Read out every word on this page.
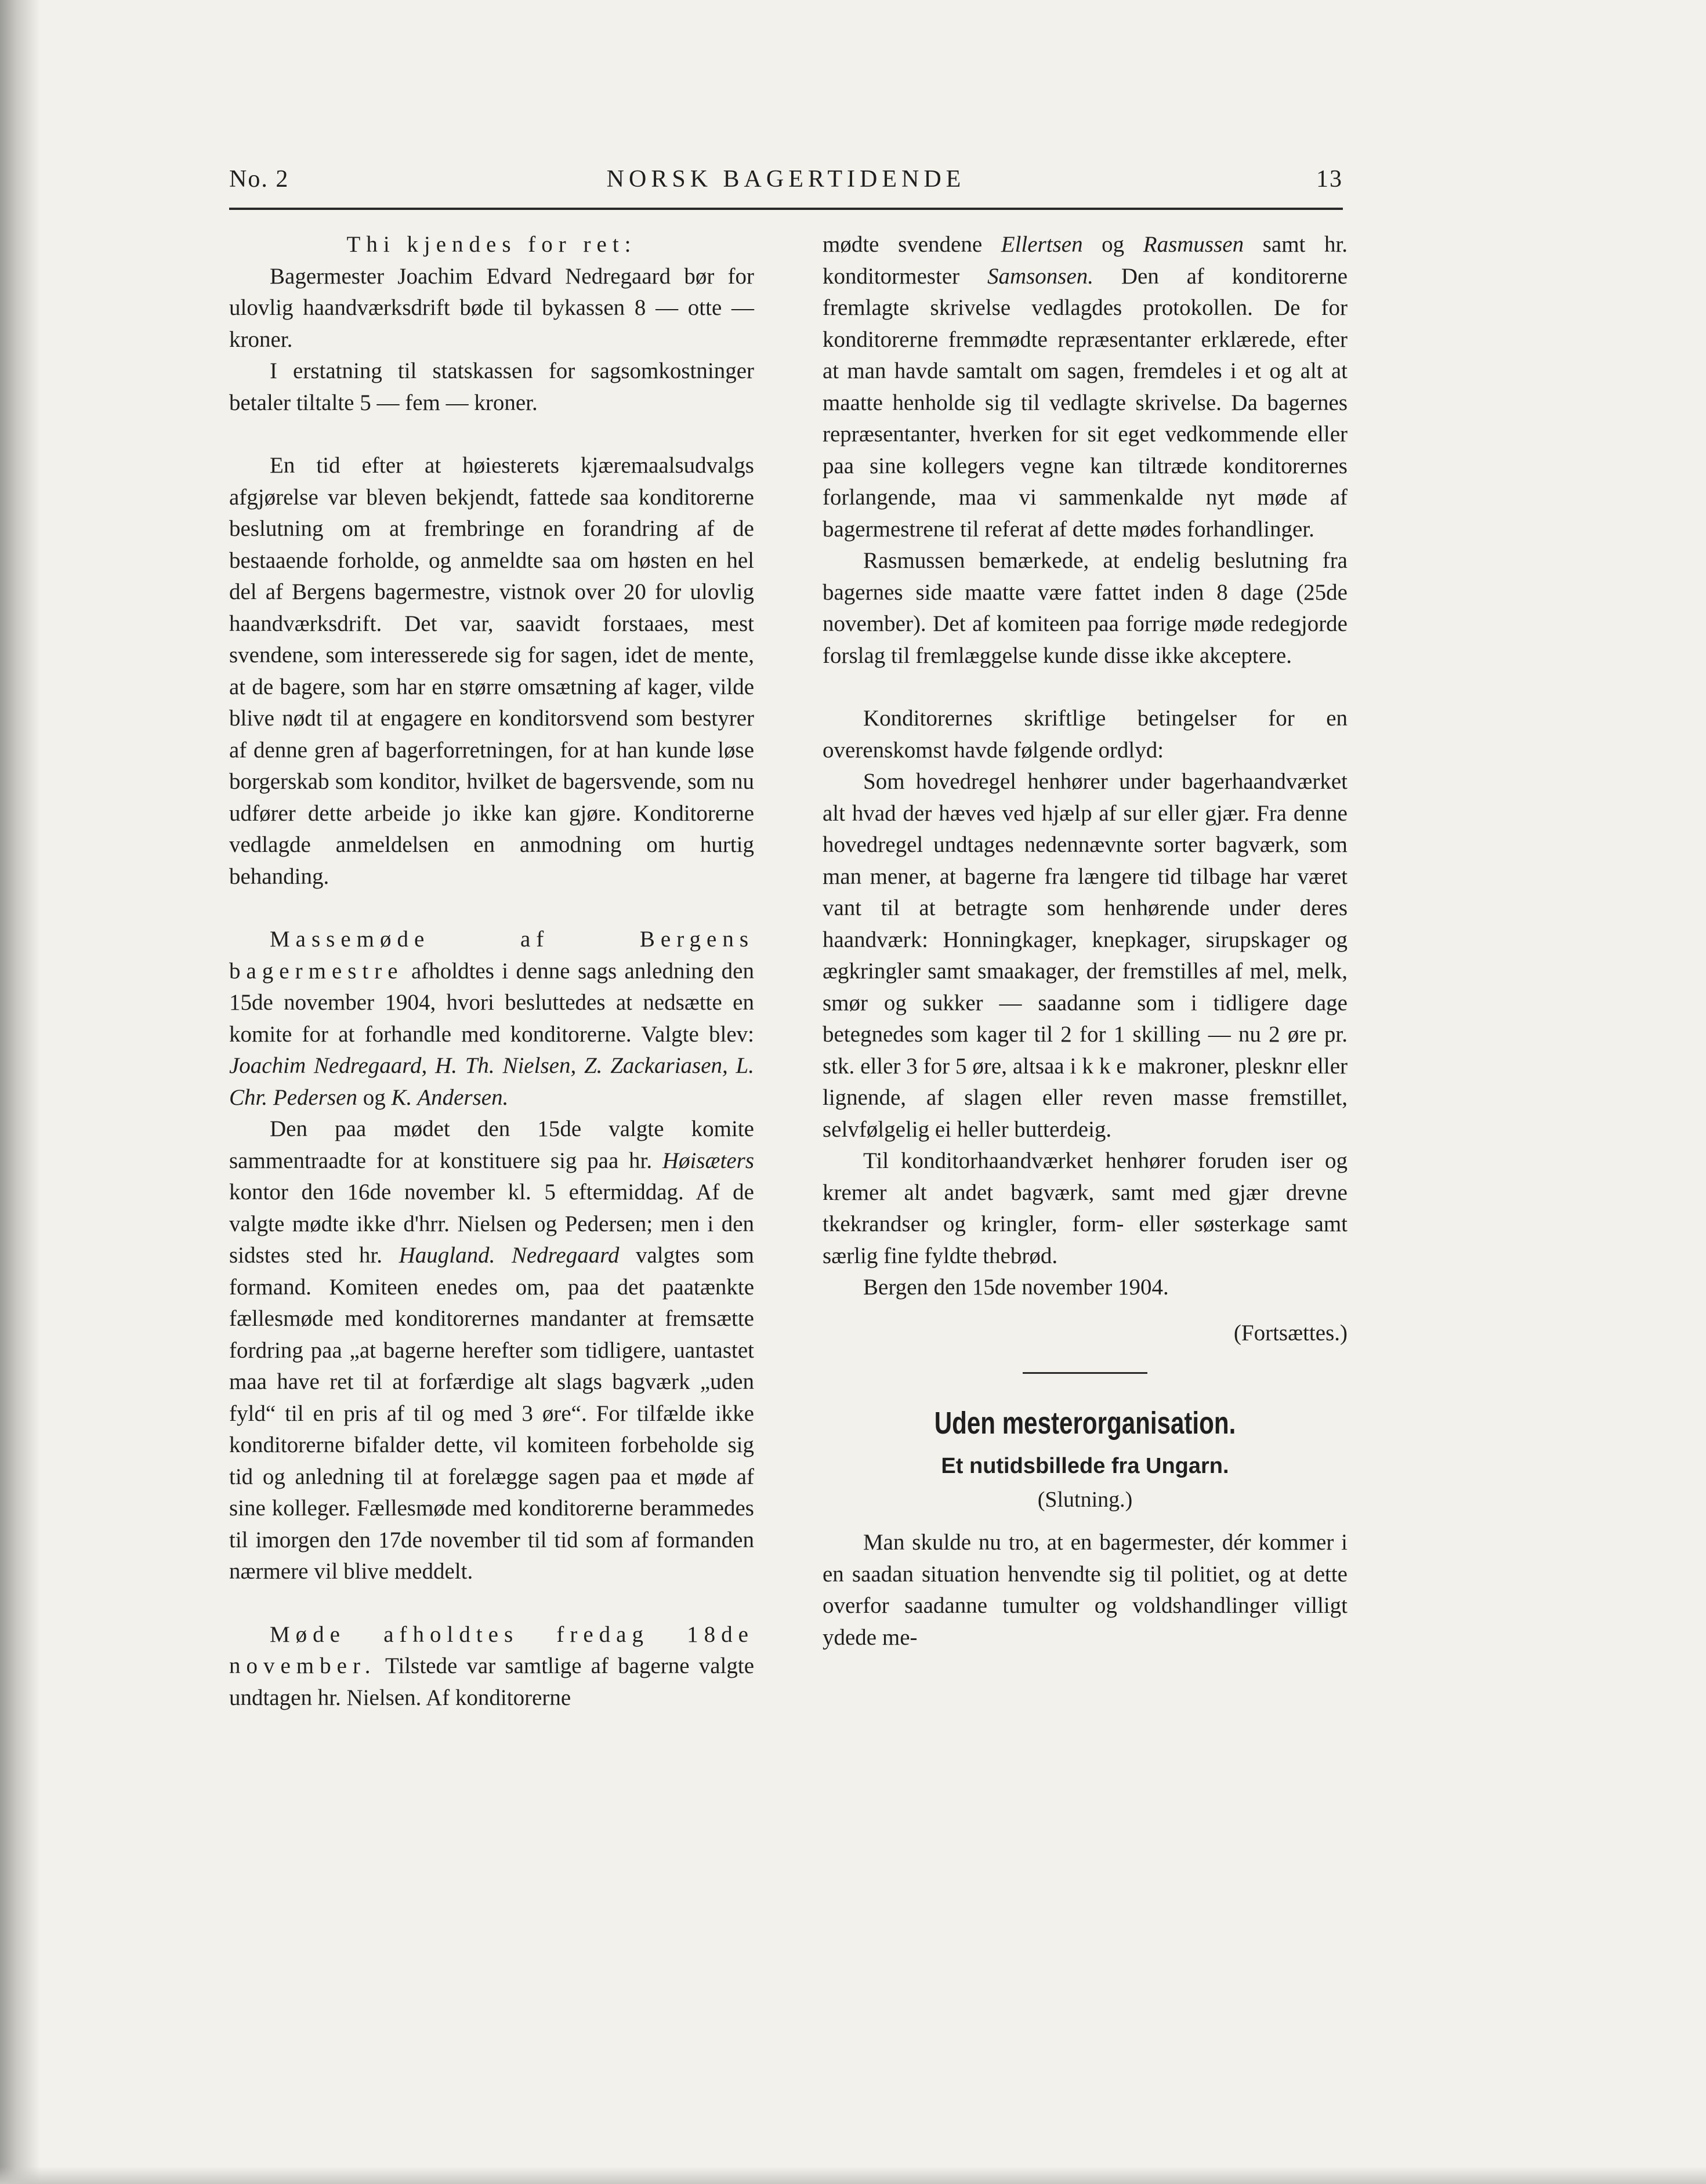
No. 2	NORSK BAGERTIDENDE	13

Thi kjendes for ret:

Bagermester Joachim Edvard Nedregaard bør for ulovlig haandværksdrift bøde til bykassen 8 — otte — kroner.

I erstatning til statskassen for sagsomkostninger betaler tiltalte 5 — fem — kroner.

En tid efter at høiesterets kjæremaalsudvalgs afgjørelse var bleven bekjendt, fattede saa konditorerne beslutning om at frembringe en forandring af de bestaaende forholde, og anmeldte saa om høsten en hel del af Bergens bagermestre, vistnok over 20 for ulovlig haandværksdrift. Det var, saavidt forstaaes, mest svendene, som interesserede sig for sagen, idet de mente, at de bagere, som har en større omsætning af kager, vilde blive nødt til at engagere en konditorsvend som bestyrer af denne gren af bagerforretningen, for at han kunde løse borgerskab som konditor, hvilket de bagersvende, som nu udfører dette arbeide jo ikke kan gjøre. Konditorerne vedlagde anmeldelsen en anmodning om hurtig behanding.

Massemøde af Bergens bagermestre afholdtes i denne sags anledning den 15de november 1904, hvori besluttedes at nedsætte en komite for at forhandle med konditorerne. Valgte blev: Joachim Nedregaard, H. Th. Nielsen, Z. Zackariasen, L. Chr. Pedersen og K. Andersen.

Den paa mødet den 15de valgte komite sammentraadte for at konstituere sig paa hr. Høisæters kontor den 16de november kl. 5 eftermiddag. Af de valgte mødte ikke d'hrr. Nielsen og Pedersen; men i den sidstes sted hr. Haugland. Nedregaard valgtes som formand. Komiteen enedes om, paa det paatænkte fællesmøde med konditorernes mandanter at fremsætte fordring paa „at bagerne herefter som tidligere, uantastet maa have ret til at forfærdige alt slags bagværk „uden fyld“ til en pris af til og med 3 øre“. For tilfælde ikke konditorerne bifalder dette, vil komiteen forbeholde sig tid og anledning til at forelægge sagen paa et møde af sine kolleger. Fællesmøde med konditorerne berammedes til imorgen den 17de november til tid som af formanden nærmere vil blive meddelt.

Møde afholdtes fredag 18de november. Tilstede var samtlige af bagerne valgte undtagen hr. Nielsen. Af konditorerne

mødte svendene Ellertsen og Rasmussen samt hr. konditormester Samsonsen. Den af konditorerne fremlagte skrivelse vedlagdes protokollen. De for konditorerne fremmødte repræsentanter erklærede, efter at man havde samtalt om sagen, fremdeles i et og alt at maatte henholde sig til vedlagte skrivelse. Da bagernes repræsentanter, hverken for sit eget vedkommende eller paa sine kollegers vegne kan tiltræde konditorernes forlangende, maa vi sammenkalde nyt møde af bagermestrene til referat af dette mødes forhandlinger.

Rasmussen bemærkede, at endelig beslutning fra bagernes side maatte være fattet inden 8 dage (25de november). Det af komiteen paa forrige møde redegjorde forslag til fremlæggelse kunde disse ikke akceptere.

Konditorernes skriftlige betingelser for en overenskomst havde følgende ordlyd:

Som hovedregel henhører under bagerhaandværket alt hvad der hæves ved hjælp af sur eller gjær. Fra denne hovedregel undtages nedennævnte sorter bagværk, som man mener, at bagerne fra længere tid tilbage har været vant til at betragte som henhørende under deres haandværk: Honningkager, knepkager, sirupskager og ægkringler samt smaakager, der fremstilles af mel, melk, smør og sukker — saadanne som i tidligere dage betegnedes som kager til 2 for 1 skilling — nu 2 øre pr. stk. eller 3 for 5 øre, altsaa ikke makroner, plesknr eller lignende, af slagen eller reven masse fremstillet, selvfølgelig ei heller butterdeig.

Til konditorhaandværket henhører foruden iser og kremer alt andet bagværk, samt med gjær drevne tkekrandser og kringler, form- eller søsterkage samt særlig fine fyldte thebrød.

Bergen den 15de november 1904.

(Fortsættes.)

Uden mesterorganisation.
Et nutidsbillede fra Ungarn.
(Slutning.)

Man skulde nu tro, at en bagermester, dér kommer i en saadan situation henvendte sig til politiet, og at dette overfor saadanne tumulter og voldshandlinger villigt ydede me-
